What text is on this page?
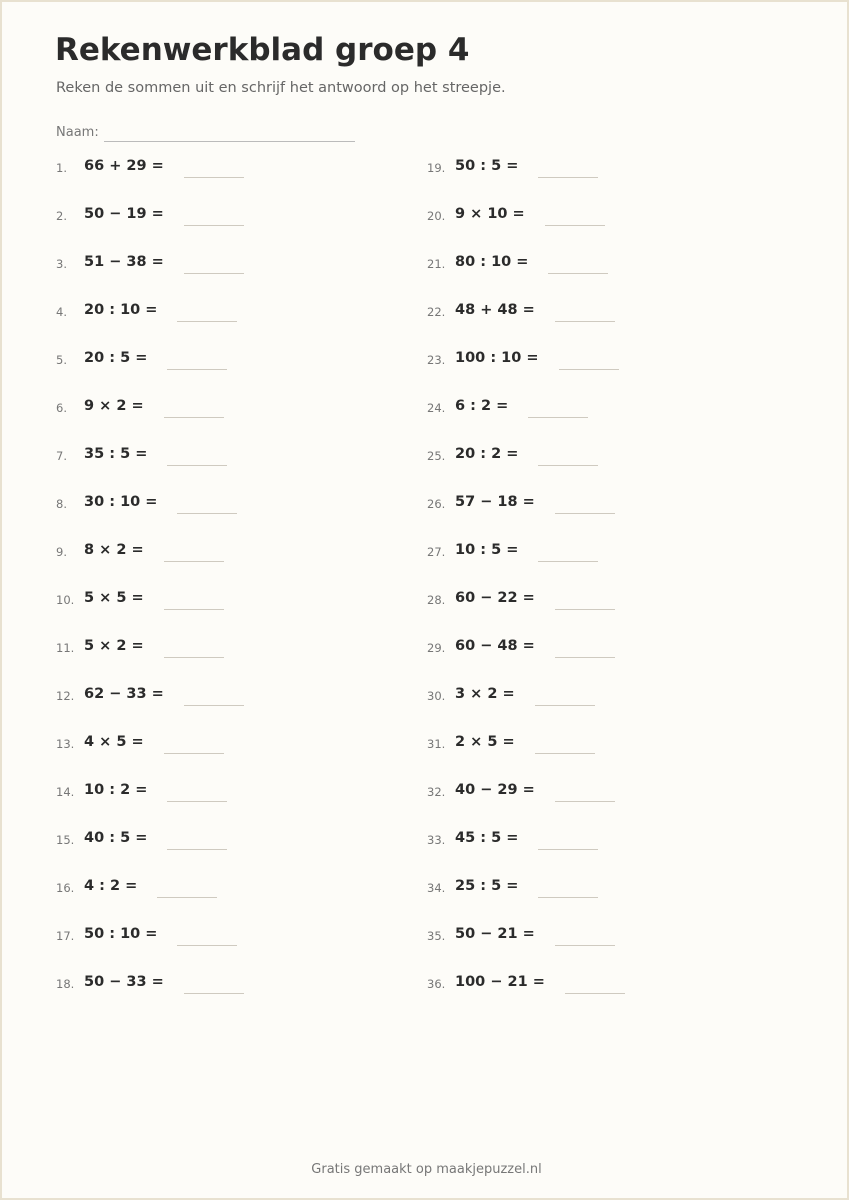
Rekenwerkblad groep 4
Reken de sommen uit en schrijf het antwoord op het streepje.
Naam:
1.	66 + 29 =
2.	50 − 19 =
3.	51 − 38 =
4.	20 : 10 =
5.	20 : 5 =
6.	9 × 2 =
7.	35 : 5 =
8.	30 : 10 =
9.	8 × 2 =
10. 5 × 5 =
11. 5 × 2 =
12. 62 − 33 =
13. 4 × 5 =
14. 10 : 2 =
15. 40 : 5 =
16. 4 : 2 =
17. 50 : 10 =
18. 50 − 33 =
19. 50 : 5 =
20. 9 × 10 =
21. 80 : 10 =
22. 48 + 48 =
23. 100 : 10 =
24. 6 : 2 =
25. 20 : 2 =
26. 57 − 18 =
27. 10 : 5 =
28. 60 − 22 =
29. 60 − 48 =
30. 3 × 2 =
31. 2 × 5 =
32. 40 − 29 =
33. 45 : 5 =
34. 25 : 5 =
35. 50 − 21 =
36. 100 − 21 =
Gratis gemaakt op maakjepuzzel.nl
